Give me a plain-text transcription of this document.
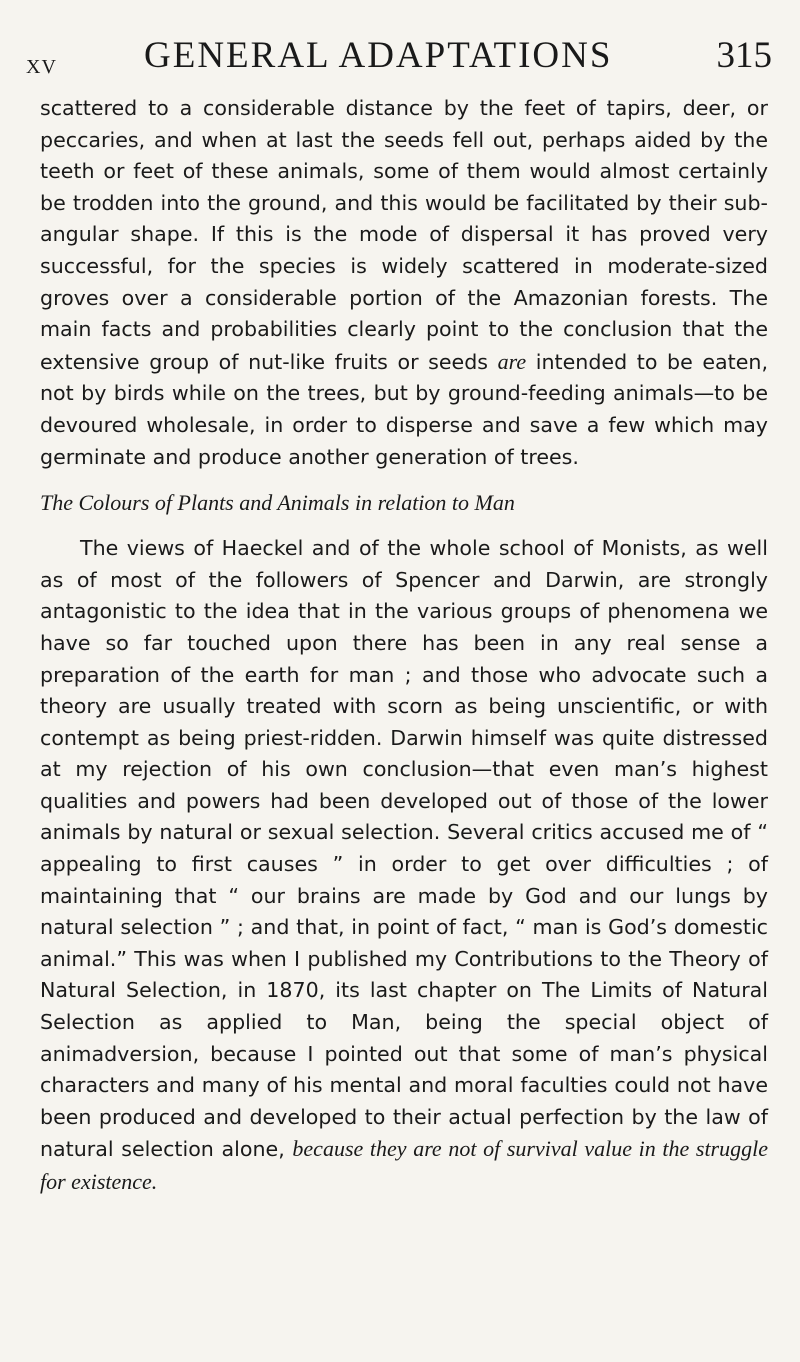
XV GENERAL ADAPTATIONS	315

scattered to a considerable distance by the feet of tapirs, deer, or peccaries, and when at last the seeds fell out, perhaps aided by the teeth or feet of these animals, some of them would almost certainly be trodden into the ground, and this would be facilitated by their sub-angular shape. If this is the mode of dispersal it has proved very successful, for the species is widely scattered in moderate-sized groves over a considerable portion of the Amazonian forests. The main facts and probabilities clearly point to the conclusion that the extensive group of nut-like fruits or seeds are intended to be eaten, not by birds while on the trees, but by ground-feeding animals—to be devoured wholesale, in order to disperse and save a few which may germinate and produce another generation of trees.

The Colours of Plants and Animals in relation to Man

The views of Haeckel and of the whole school of Monists, as well as of most of the followers of Spencer and Darwin, are strongly antagonistic to the idea that in the various groups of phenomena we have so far touched upon there has been in any real sense a preparation of the earth for man ; and those who advocate such a theory are usually treated with scorn as being unscientific, or with contempt as being priest-ridden. Darwin himself was quite distressed at my rejection of his own conclusion—that even man’s highest qualities and powers had been developed out of those of the lower animals by natural or sexual selection. Several critics accused me of “ appealing to first causes ” in order to get over difficulties ; of maintaining that “ our brains are made by God and our lungs by natural selection ” ; and that, in point of fact, “ man is God’s domestic animal.” This was when I published my Contributions to the Theory of Natural Selection, in 1870, its last chapter on The Limits of Natural Selection as applied to Man, being the special object of animadversion, because I pointed out that some of man’s physical characters and many of his mental and moral faculties could not have been produced and developed to their actual perfection by the law of natural selection alone, because they are not of survival value in the struggle for existence.
